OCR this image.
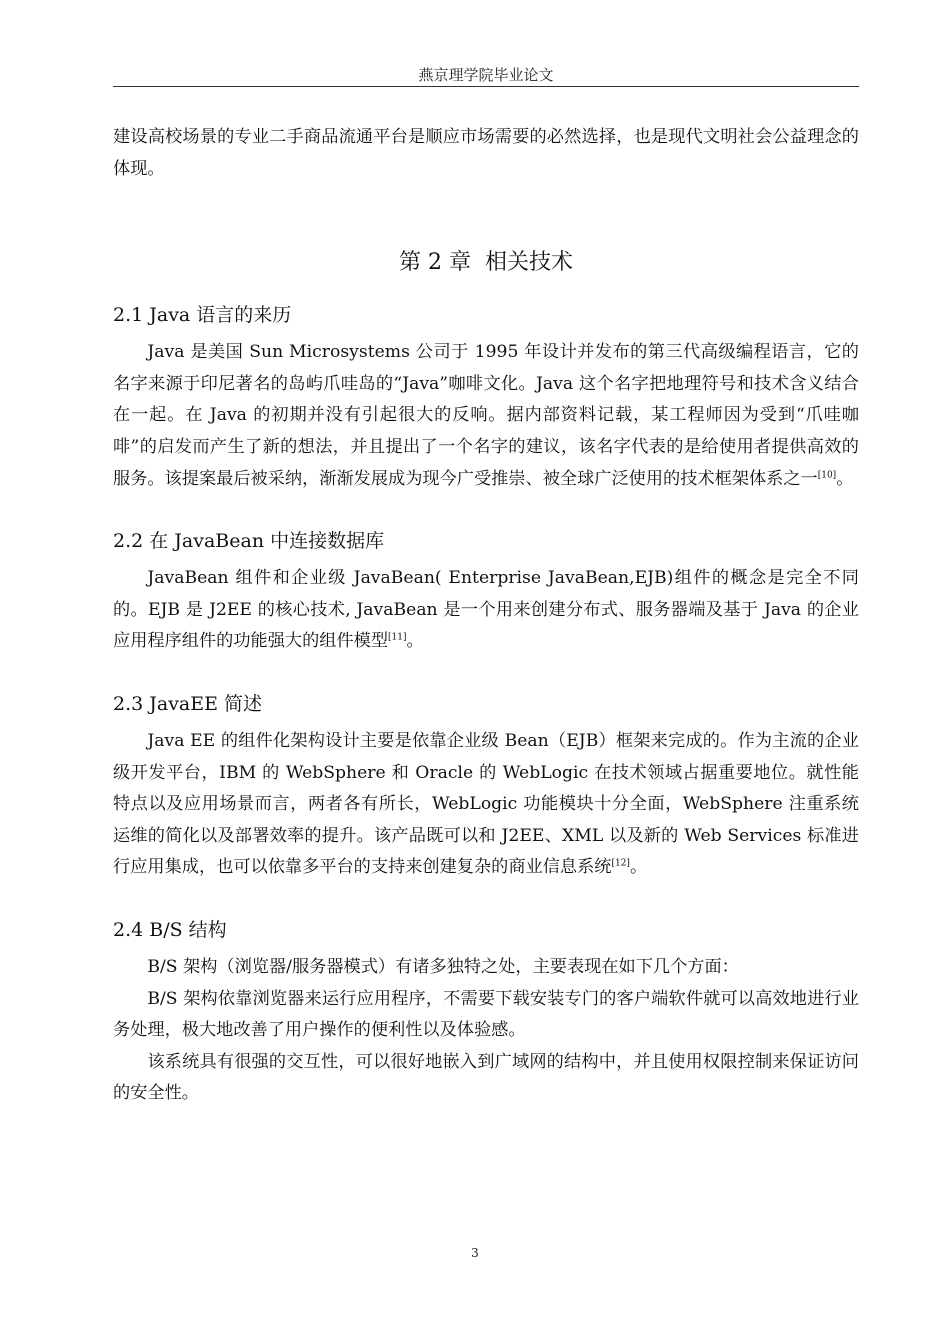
燕京理学院毕业论文

建设高校场景的专业二手商品流通平台是顺应市场需要的必然选择，也是现代文明社会公益理念的体现。

第 2 章 相关技术
2.1 Java 语言的来历

Java 是美国 Sun Microsystems 公司于 1995 年设计并发布的第三代高级编程语言，它的名字来源于印尼著名的岛屿爪哇岛的“Java”咖啡文化。Java 这个名字把地理符号和技术含义结合在一起。在 Java 的初期并没有引起很大的反响。据内部资料记载，某工程师因为受到“爪哇咖啡”的启发而产生了新的想法，并且提出了一个名字的建议，该名字代表的是给使用者提供高效的服务。该提案最后被采纳，渐渐发展成为现今广受推崇、被全球广泛使用的技术框架体系之一[10]。

2.2 在 JavaBean 中连接数据库

JavaBean 组件和企业级 JavaBean( Enterprise JavaBean,EJB)组件的概念是完全不同的。EJB 是 J2EE 的核心技术, JavaBean 是一个用来创建分布式、服务器端及基于 Java 的企业应用程序组件的功能强大的组件模型[11]。

2.3 JavaEE 简述

Java EE 的组件化架构设计主要是依靠企业级 Bean（EJB）框架来完成的。作为主流的企业级开发平台，IBM 的 WebSphere 和 Oracle 的 WebLogic 在技术领域占据重要地位。就性能特点以及应用场景而言，两者各有所长，WebLogic 功能模块十分全面，WebSphere 注重系统运维的简化以及部署效率的提升。该产品既可以和 J2EE、XML 以及新的 Web Services 标准进行应用集成，也可以依靠多平台的支持来创建复杂的商业信息系统[12]。

2.4 B/S 结构

B/S 架构（浏览器/服务器模式）有诸多独特之处，主要表现在如下几个方面：

B/S 架构依靠浏览器来运行应用程序，不需要下载安装专门的客户端软件就可以高效地进行业务处理，极大地改善了用户操作的便利性以及体验感。

该系统具有很强的交互性，可以很好地嵌入到广域网的结构中，并且使用权限控制来保证访问的安全性。

3
